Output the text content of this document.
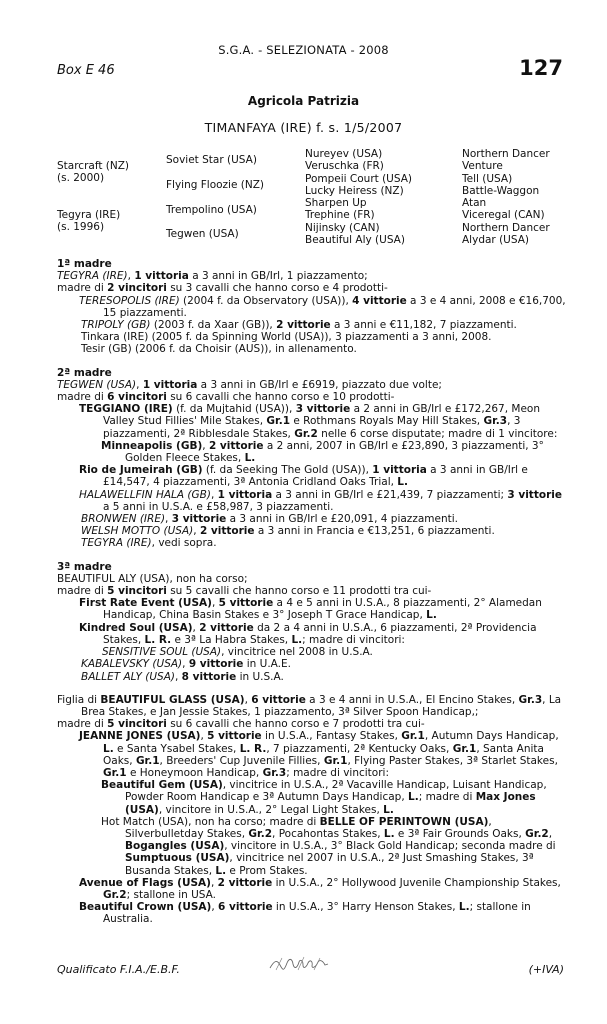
S.G.A. - SELEZIONATA - 2008
Box E 46	127
Agricola Patrizia
TIMANFAYA (IRE) f. s. 1/5/2007
Starcraft (NZ)
(s. 2000)
Tegyra (IRE)
(s. 1996)
Soviet Star (USA)
Flying Floozie (NZ)
Trempolino (USA)
Tegwen (USA)
Nureyev (USA)
Veruschka (FR)
Pompeii Court (USA)
Lucky Heiress (NZ)
Sharpen Up
Trephine (FR)
Nijinsky (CAN)
Beautiful Aly (USA)
Northern Dancer
Venture
Tell (USA)
Battle-Waggon
Atan
Viceregal (CAN)
Northern Dancer
Alydar (USA)

1ª madre

TEGYRA (IRE), 1 vittoria a 3 anni in GB/Irl, 1 piazzamento;

madre di 2 vincitori su 3 cavalli che hanno corso e 4 prodotti-

TERESOPOLIS (IRE) (2004 f. da Observatory (USA)), 4 vittorie a 3 e 4 anni, 2008 e €16,700, 15 piazzamenti.

TRIPOLY (GB) (2003 f. da Xaar (GB)), 2 vittorie a 3 anni e €11,182, 7 piazzamenti.

Tinkara (IRE) (2005 f. da Spinning World (USA)), 3 piazzamenti a 3 anni, 2008.

Tesir (GB) (2006 f. da Choisir (AUS)), in allenamento.

2ª madre

TEGWEN (USA), 1 vittoria a 3 anni in GB/Irl e £6919, piazzato due volte;

madre di 6 vincitori su 6 cavalli che hanno corso e 10 prodotti-

TEGGIANO (IRE) (f. da Mujtahid (USA)), 3 vittorie a 2 anni in GB/Irl e £172,267, Meon Valley Stud Fillies' Mile Stakes, Gr.1 e Rothmans Royals May Hill Stakes, Gr.3, 3 piazzamenti, 2ª Ribblesdale Stakes, Gr.2 nelle 6 corse disputate; madre di 1 vincitore:

Minneapolis (GB), 2 vittorie a 2 anni, 2007 in GB/Irl e £23,890, 3 piazzamenti, 3° Golden Fleece Stakes, L.

Rio de Jumeirah (GB) (f. da Seeking The Gold (USA)), 1 vittoria a 3 anni in GB/Irl e £14,547, 4 piazzamenti, 3ª Antonia Cridland Oaks Trial, L.

HALAWELLFIN HALA (GB), 1 vittoria a 3 anni in GB/Irl e £21,439, 7 piazzamenti; 3 vittorie a 5 anni in U.S.A. e £58,987, 3 piazzamenti.

BRONWEN (IRE), 3 vittorie a 3 anni in GB/Irl e £20,091, 4 piazzamenti.

WELSH MOTTO (USA), 2 vittorie a 3 anni in Francia e €13,251, 6 piazzamenti.

TEGYRA (IRE), vedi sopra.

3ª madre

BEAUTIFUL ALY (USA), non ha corso;

madre di 5 vincitori su 5 cavalli che hanno corso e 11 prodotti tra cui-

First Rate Event (USA), 5 vittorie a 4 e 5 anni in U.S.A., 8 piazzamenti, 2° Alamedan Handicap, China Basin Stakes e 3° Joseph T Grace Handicap, L.

Kindred Soul (USA), 2 vittorie da 2 a 4 anni in U.S.A., 6 piazzamenti, 2ª Providencia Stakes, L. R. e 3ª La Habra Stakes, L.; madre di vincitori:

SENSITIVE SOUL (USA), vincitrice nel 2008 in U.S.A.

KABALEVSKY (USA), 9 vittorie in U.A.E.

BALLET ALY (USA), 8 vittorie in U.S.A.

Figlia di BEAUTIFUL GLASS (USA), 6 vittorie a 3 e 4 anni in U.S.A., El Encino Stakes, Gr.3, La Brea Stakes, e Jan Jessie Stakes, 1 piazzamento, 3ª Silver Spoon Handicap,;

madre di 5 vincitori su 6 cavalli che hanno corso e 7 prodotti tra cui-

JEANNE JONES (USA), 5 vittorie in U.S.A., Fantasy Stakes, Gr.1, Autumn Days Handicap, L. e Santa Ysabel Stakes, L. R., 7 piazzamenti, 2ª Kentucky Oaks, Gr.1, Santa Anita Oaks, Gr.1, Breeders' Cup Juvenile Fillies, Gr.1, Flying Paster Stakes, 3ª Starlet Stakes, Gr.1 e Honeymoon Handicap, Gr.3; madre di vincitori:

Beautiful Gem (USA), vincitrice in U.S.A., 2ª Vacaville Handicap, Luisant Handicap, Powder Room Handicap e 3ª Autumn Days Handicap, L.; madre di Max Jones (USA), vincitore in U.S.A., 2° Legal Light Stakes, L.

Hot Match (USA), non ha corso; madre di BELLE OF PERINTOWN (USA), Silverbulletday Stakes, Gr.2, Pocahontas Stakes, L. e 3ª Fair Grounds Oaks, Gr.2, Bogangles (USA), vincitore in U.S.A., 3° Black Gold Handicap; seconda madre di Sumptuous (USA), vincitrice nel 2007 in U.S.A., 2ª Just Smashing Stakes, 3ª Busanda Stakes, L. e Prom Stakes.

Avenue of Flags (USA), 2 vittorie in U.S.A., 2° Hollywood Juvenile Championship Stakes, Gr.2; stallone in USA.

Beautiful Crown (USA), 6 vittorie in U.S.A., 3° Harry Henson Stakes, L.; stallone in Australia.

Qualificato F.I.A./E.B.F.	(+IVA)
